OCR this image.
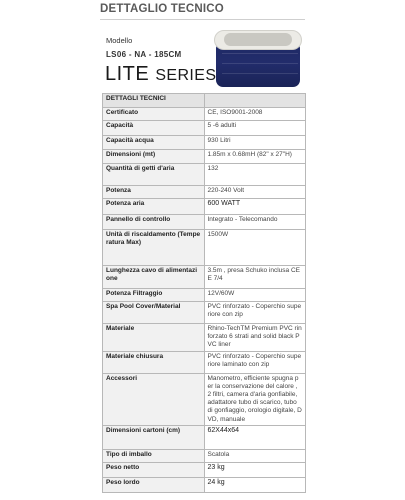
DETTAGLIO TECNICO
Modello
LS06 - NA - 185CM
LITE SERIES
DETTAGLI TECNICI	
Certificato	CE, ISO9001-2008
Capacità	5 -6 adulti
Capacità acqua	930 Litri
Dimensioni (mt)	1.85m x 0.68mH (82" x 27"H)
Quantità di getti d'aria	132
Potenza	220-240 Volt
Potenza aria	600 WATT
Pannello di controllo	Integrato - Telecomando
Unità di riscaldamento (Temperatura Max)	1500W
Lunghezza cavo di alimentazione	3.5m , presa Schuko inclusa CEE 7/4
Potenza Filtraggio	12V/60W
Spa Pool Cover/Material	PVC rinforzato - Coperchio superiore con zip
Materiale	Rhino-TechTM Premium PVC rinforzato 6 strati and solid black PVC liner
Materiale chiusura	PVC rinforzato - Coperchio superiore laminato con zip
Accessori	Manometro, efficiente spugna per la conservazione del calore , 2 filtri, camera d'aria gonfiabile, adattatore tubo di scarico, tubo di gonfiaggio, orologio digitale, DVD, manuale
Dimensioni cartoni (cm)	62X44x64
Tipo di imballo	Scatola
Peso netto	23 kg
Peso lordo	24 kg
